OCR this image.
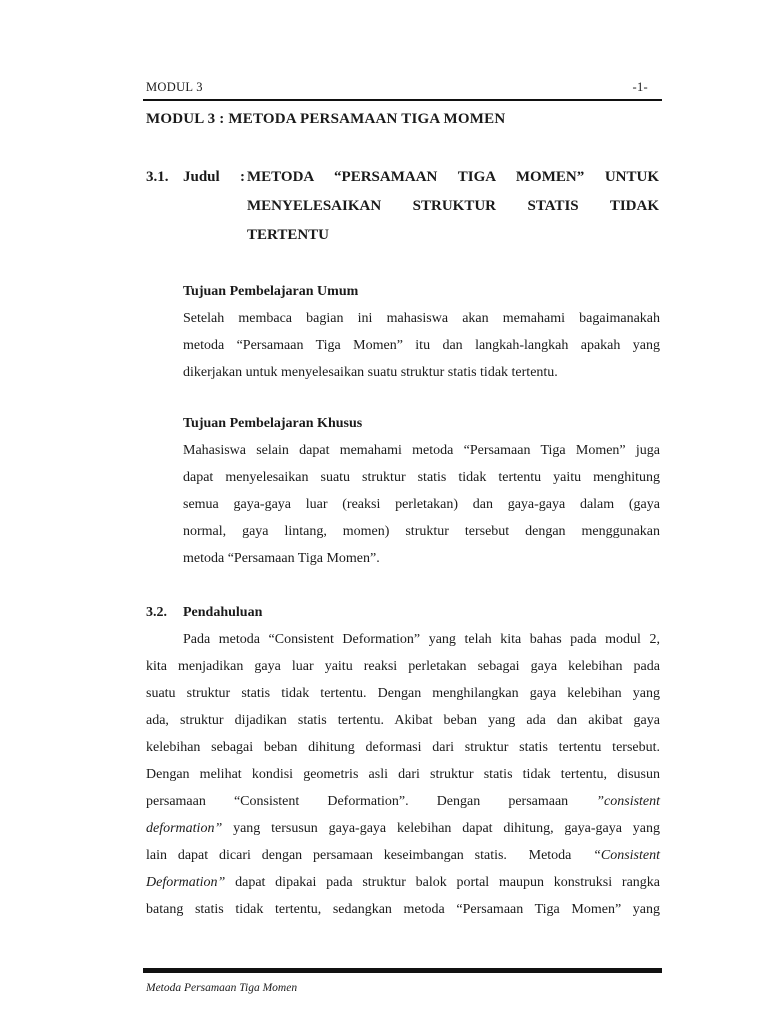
MODUL 3	-1-
MODUL 3 : METODA PERSAMAAN TIGA MOMEN
3.1. Judul : METODA “PERSAMAAN TIGA MOMEN” UNTUK
MENYELESAIKAN STRUKTUR STATIS TIDAK
TERTENTU
Tujuan Pembelajaran Umum
Setelah membaca bagian ini mahasiswa akan memahami bagaimanakah
metoda “Persamaan Tiga Momen” itu dan langkah-langkah apakah yang
dikerjakan untuk menyelesaikan suatu struktur statis tidak tertentu.
Tujuan Pembelajaran Khusus
Mahasiswa selain dapat memahami metoda “Persamaan Tiga Momen” juga
dapat menyelesaikan suatu struktur statis tidak tertentu yaitu menghitung
semua gaya-gaya luar (reaksi perletakan) dan gaya-gaya dalam (gaya
normal, gaya lintang, momen) struktur tersebut dengan menggunakan
metoda “Persamaan Tiga Momen”.
3.2. Pendahuluan
Pada metoda “Consistent Deformation” yang telah kita bahas pada modul 2,
kita menjadikan gaya luar yaitu reaksi perletakan sebagai gaya kelebihan pada
suatu struktur statis tidak tertentu. Dengan menghilangkan gaya kelebihan yang
ada, struktur dijadikan statis tertentu. Akibat beban yang ada dan akibat gaya
kelebihan sebagai beban dihitung deformasi dari struktur statis tertentu tersebut.
Dengan melihat kondisi geometris asli dari struktur statis tidak tertentu, disusun
persamaan “Consistent Deformation”. Dengan persamaan ”consistent
deformation” yang tersusun gaya-gaya kelebihan dapat dihitung, gaya-gaya yang
lain dapat dicari dengan persamaan keseimbangan statis.  Metoda  “Consistent
Deformation” dapat dipakai pada struktur balok portal maupun konstruksi rangka
batang statis tidak tertentu, sedangkan metoda “Persamaan Tiga Momen” yang
Metoda Persamaan Tiga Momen
